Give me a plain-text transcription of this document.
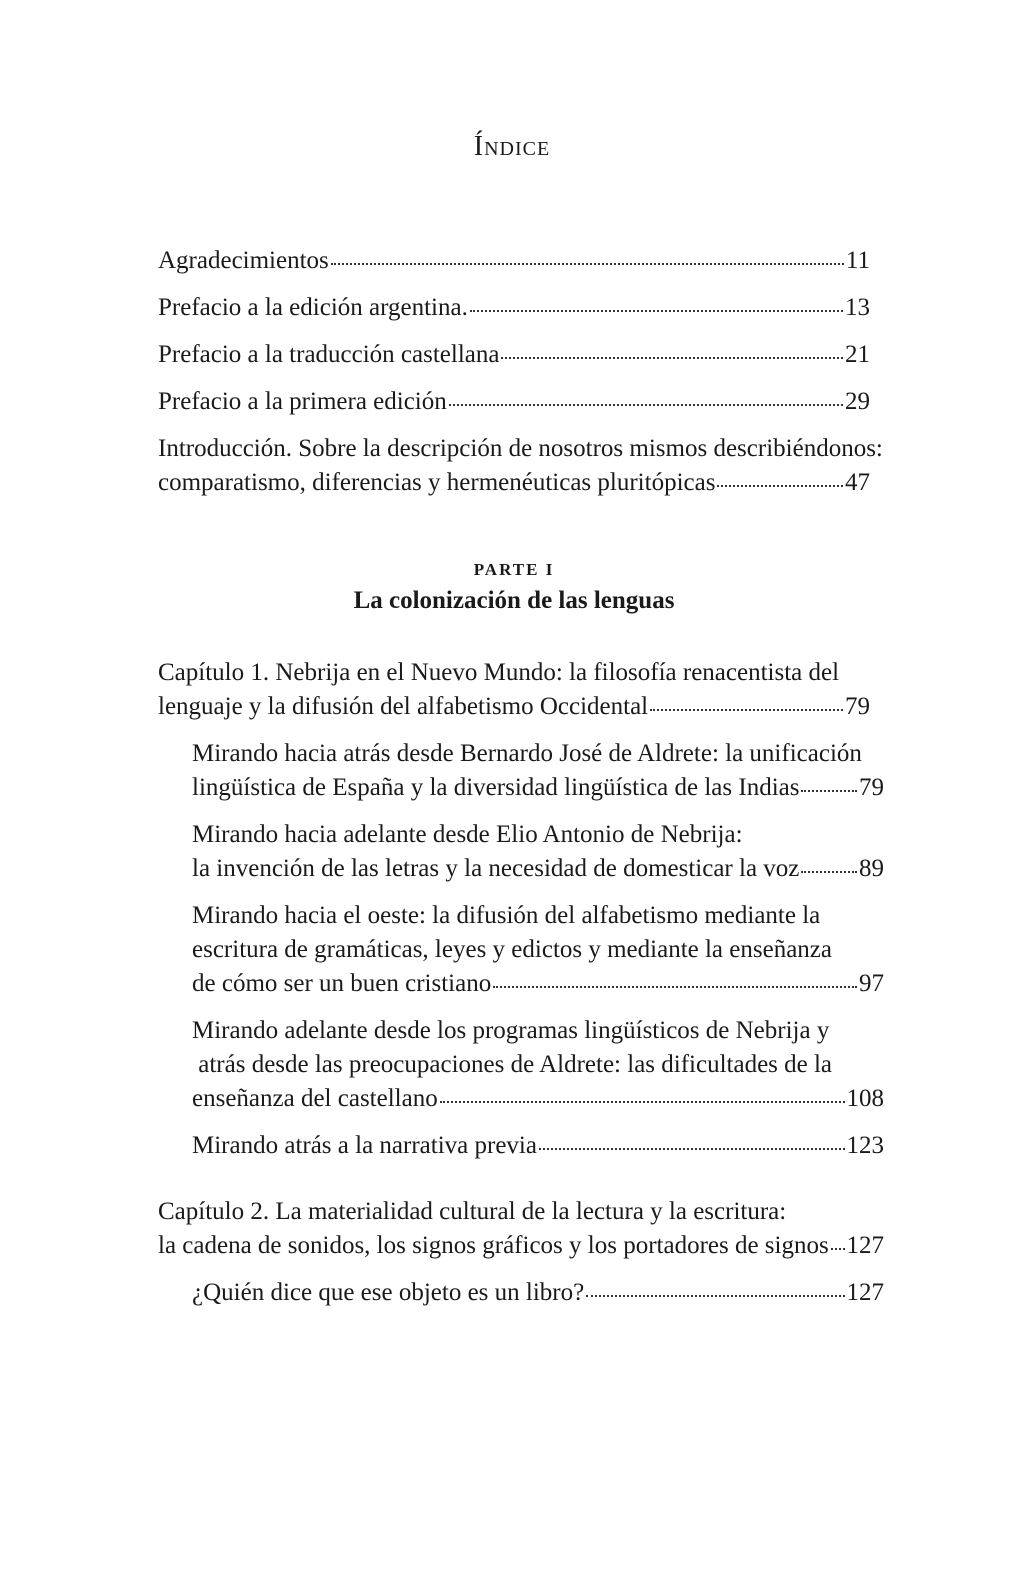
Índice
Agradecimientos	11
Prefacio a la edición argentina.	13
Prefacio a la traducción castellana	21
Prefacio a la primera edición	29
Introducción. Sobre la descripción de nosotros mismos describiéndonos:
comparatismo, diferencias y hermenéuticas pluritópicas	47
PARTE I
La colonización de las lenguas
Capítulo 1. Nebrija en el Nuevo Mundo: la filosofía renacentista del
lenguaje y la difusión del alfabetismo Occidental	79
Mirando hacia atrás desde Bernardo José de Aldrete: la unificación
lingüística de España y la diversidad lingüística de las Indias 79
Mirando hacia adelante desde Elio Antonio de Nebrija:
la invención de las letras y la necesidad de domesticar la voz 89
Mirando hacia el oeste: la difusión del alfabetismo mediante la
escritura de gramáticas, leyes y edictos y mediante la enseñanza
de cómo ser un buen cristiano	97
Mirando adelante desde los programas lingüísticos de Nebrija y
atrás desde las preocupaciones de Aldrete: las dificultades de la
enseñanza del castellano	108
Mirando atrás a la narrativa previa	123
Capítulo 2. La materialidad cultural de la lectura y la escritura:
la cadena de sonidos, los signos gráficos y los portadores de signos 127
¿Quién dice que ese objeto es un libro?	127
